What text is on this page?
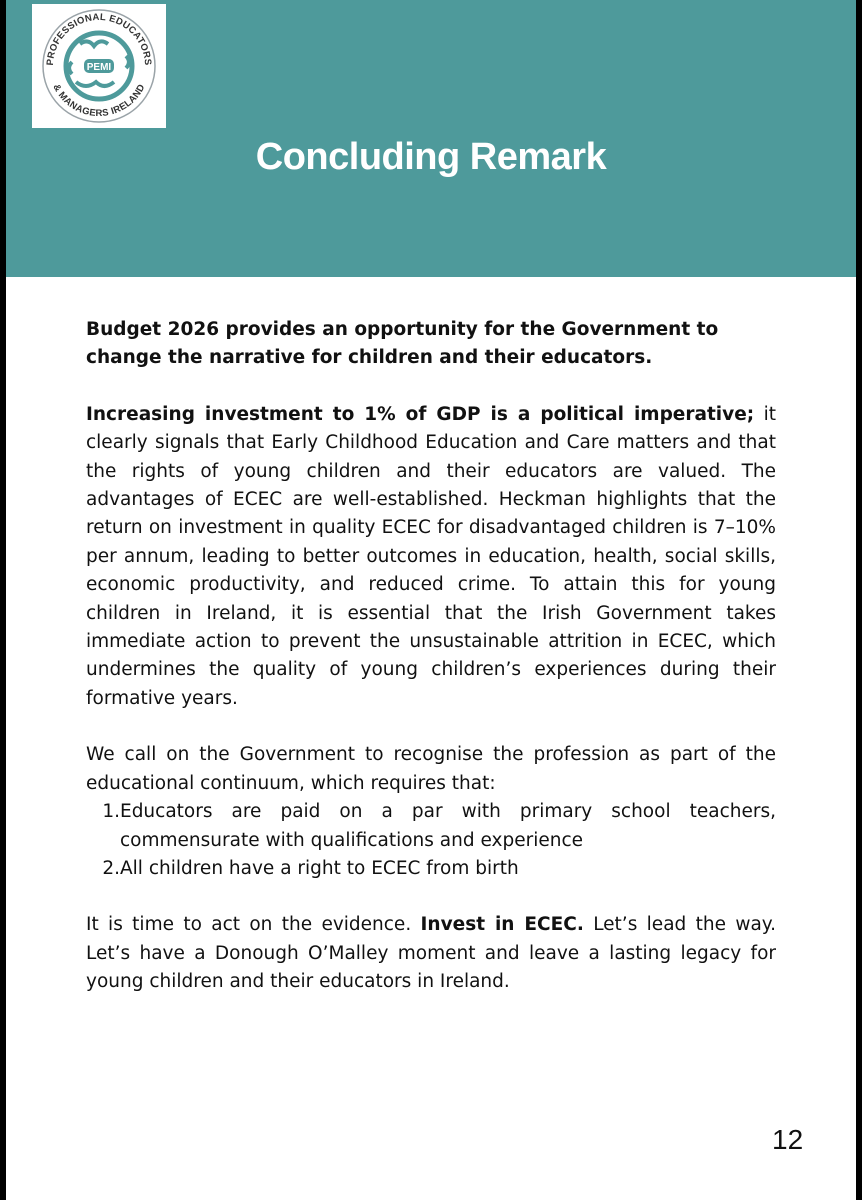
PEMI
PROFESSIONAL EDUCATORS
& MANAGERS IRELAND
Concluding Remark

Budget 2026 provides an opportunity for the Government to change the narrative for children and their educators.

Increasing investment to 1% of GDP is a political imperative; it clearly signals that Early Childhood Education and Care matters and that the rights of young children and their educators are valued. The advantages of ECEC are well-established. Heckman highlights that the return on investment in quality ECEC for disadvantaged children is 7–10% per annum, leading to better outcomes in education, health, social skills, economic productivity, and reduced crime. To attain this for young children in Ireland, it is essential that the Irish Government takes immediate action to prevent the unsustainable attrition in ECEC, which undermines the quality of young children’s experiences during their formative years.

We call on the Government to recognise the profession as part of the educational continuum, which requires that:

1. Educators are paid on a par with primary school teachers, commensurate with qualifications and experience
2. All children have a right to ECEC from birth

It is time to act on the evidence. Invest in ECEC. Let’s lead the way. Let’s have a Donough O’Malley moment and leave a lasting legacy for young children and their educators in Ireland.

12
